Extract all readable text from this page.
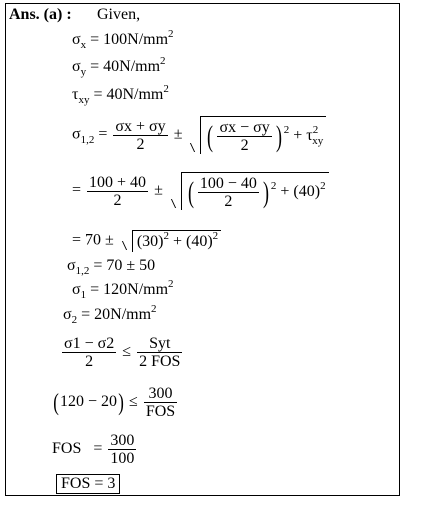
Ans. (a) : Given,
$\sigma_x = 100N/mm^2$
$\sigma_y = 40N/mm^2$
$\tau_{xy} = 40N/mm^2$
$\sigma_{1,2} = \frac{\sigma x + \sigma y}{2}$ ± ( $\frac{\sigma x - \sigma y}{2}$ ) $^2 + \tau^2_{xy}$
= $\frac{100 + 40}{2}$ ± ( $\frac{100 - 40}{2}$ ) $^2 + (40)^2$
= $70 \pm (30)^2 + (40)^2$
$\sigma_{1,2} = 70 \pm 50$
$\sigma_1 = 120N/mm^2$
$\sigma_2 = 20N/mm^2$
$\frac{\sigma 1 - \sigma 2}{2} \le \frac{\text{Syt}}{\text{2 FOS}}$
$(120 - 20) \le \frac{300}{\text{FOS}}$
FOS = $\frac{300}{100}$
FOS = 3
